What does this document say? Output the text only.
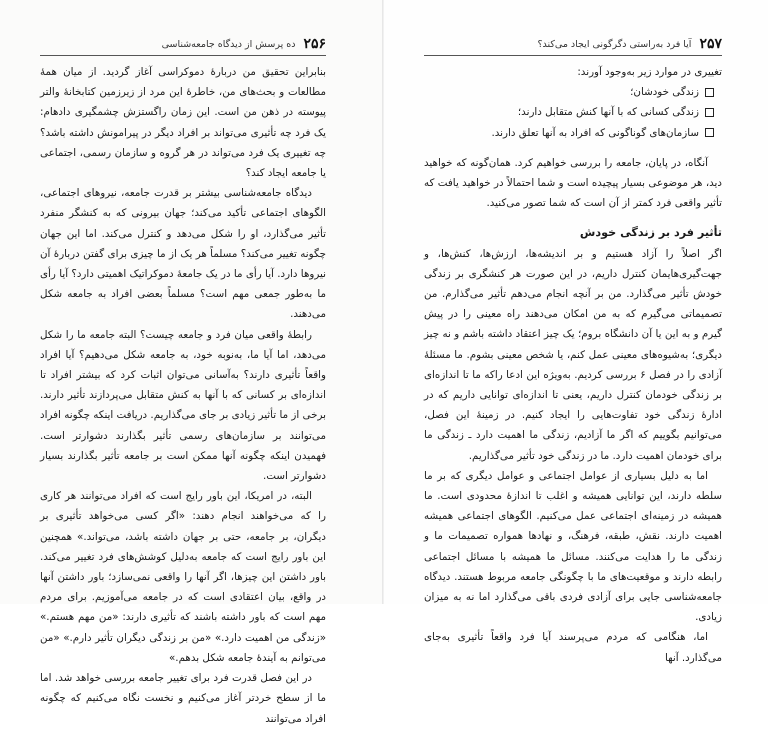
۲۵۶
ده پرسش از دیدگاه جامعه‌شناسی

بنابراین تحقیق من دربارهٔ دموکراسی آغاز گردید. از میان همهٔ مطالعات و بحث‌های من، خاطرهٔ این مرد از زیرزمین کتابخانهٔ والتر پیوسته در ذهن من است. این زمان راگستزش چشمگیری دادهام: یک فرد چه تأثیری می‌تواند بر افراد دیگر در پیرامونش داشته باشد؟ چه تغییری یک فرد می‌تواند در هر گروه و سازمان رسمی، اجتماعی یا جامعه ایجاد کند؟

دیدگاه جامعه‌شناسی بیشتر بر قدرت جامعه، نیروهای اجتماعی، الگوهای اجتماعی تأکید می‌کند؛ جهان بیرونی که به کنشگر منفرد تأثیر می‌گذارد، او را شکل می‌دهد و کنترل می‌کند. اما این جهان چگونه تغییر می‌کند؟ مسلماً هر یک از ما چیزی برای گفتن دربارهٔ آن نیروها دارد. آیا رأی ما در یک جامعهٔ دموکراتیک اهمیتی دارد؟ آیا رأی ما به‌طور جمعی مهم است؟ مسلماً بعضی افراد به جامعه شکل می‌دهند.

رابطهٔ واقعی میان فرد و جامعه چیست؟ البته جامعه ما را شکل می‌دهد، اما آیا ما، به‌نوبه خود، به جامعه شکل می‌دهیم؟ آیا افراد واقعاً تأثیری دارند؟ به‌آسانی می‌توان اثبات کرد که بیشتر افراد تا اندازه‌ای بر کسانی که با آنها به کنش متقابل می‌پردازند تأثیر دارند. برخی از ما تأثیر زیادی بر جای می‌گذاریم. دریافت اینکه چگونه افراد می‌توانند بر سازمان‌های رسمی تأثیر بگذارند دشوارتر است. فهمیدن اینکه چگونه آنها ممکن است بر جامعه تأثیر بگذارند بسیار دشوارتر است.

البته، در امریکا، این باور رایج است که افراد می‌توانند هر کاری را که می‌خواهند انجام دهند: «اگر کسی می‌خواهد تأثیری بر دیگران، بر جامعه، حتی بر جهان داشته باشد، می‌تواند.» همچنین این باور رایج است که جامعه به‌دلیل کوشش‌های فرد تغییر می‌کند. باور داشتن این چیزها، اگر آنها را واقعی نمی‌سازد؛ باور داشتن آنها در واقع، بیان اعتقادی است که در جامعه می‌آموزیم. برای مردم مهم است که باور داشته باشند که تأثیری دارند: «من مهم هستم.» «زندگی من اهمیت دارد.» «من بر زندگی دیگران تأثیر دارم.» «من می‌توانم به آیندهٔ جامعه شکل بدهم.»

در این فصل قدرت فرد برای تغییر جامعه بررسی خواهد شد. اما ما از سطح خردتر آغاز می‌کنیم و نخست نگاه می‌کنیم که چگونه افراد می‌توانند

۲۵۷
آیا فرد به‌راستی دگرگونی ایجاد می‌کند؟

تغییری در موارد زیر به‌وجود آورند:

زندگی خودشان؛
زندگی کسانی که با آنها کنش متقابل دارند؛
سازمان‌های گوناگونی که افراد به آنها تعلق دارند.

آنگاه، در پایان، جامعه را بررسی خواهیم کرد. همان‌گونه که خواهید دید، هر موضوعی بسیار پیچیده است و شما احتمالاً در خواهید یافت که تأثیر واقعی فرد کمتر از آن است که شما تصور می‌کنید.

تأثیر فرد بر زندگی خودش

اگر اصلاً را آزاد هستیم و بر اندیشه‌ها، ارزش‌ها، کنش‌ها، و جهت‌گیری‌هایمان کنترل داریم، در این صورت هر کنشگری بر زندگی خودش تأثیر می‌گذارد. من بر آنچه انجام می‌دهم تأثیر می‌گذارم. من تصمیماتی می‌گیرم که به من امکان می‌دهند راه معینی را در پیش گیرم و به این یا آن دانشگاه بروم؛ یک چیز اعتقاد داشته باشم و نه چیز دیگری؛ به‌شیوه‌های معینی عمل کنم، یا شخص معینی بشوم. ما مسئلهٔ آزادی را در فصل ۶ بررسی کردیم. به‌ویژه این ادعا راکه ما تا اندازه‌ای بر زندگی خودمان کنترل داریم، یعنی تا اندازه‌ای توانایی داریم که در ادارهٔ زندگی خود تفاوت‌هایی را ایجاد کنیم. در زمینهٔ این فصل، می‌توانیم بگوییم که اگر ما آزادیم، زندگی ما اهمیت دارد ـ زندگی ما برای خودمان اهمیت دارد. ما در زندگی خود تأثیر می‌گذاریم.

اما به دلیل بسیاری از عوامل اجتماعی و عوامل دیگری که بر ما سلطه دارند، این توانایی همیشه و اغلب تا اندازهٔ محدودی است. ما همیشه در زمینه‌ای اجتماعی عمل می‌کنیم. الگوهای اجتماعی همیشه اهمیت دارند. نقش، طبقه، فرهنگ، و نهادها همواره تصمیمات ما و زندگی ما را هدایت می‌کنند. مسائل ما همیشه با مسائل اجتماعی رابطه دارند و موقعیت‌های ما با چگونگی جامعه مربوط هستند. دیدگاه جامعه‌شناسی جایی برای آزادی فردی باقی می‌گذارد اما نه به میزان زیادی.

اما، هنگامی که مردم می‌پرسند آیا فرد واقعاً تأثیری به‌جای می‌گذارد. آنها
